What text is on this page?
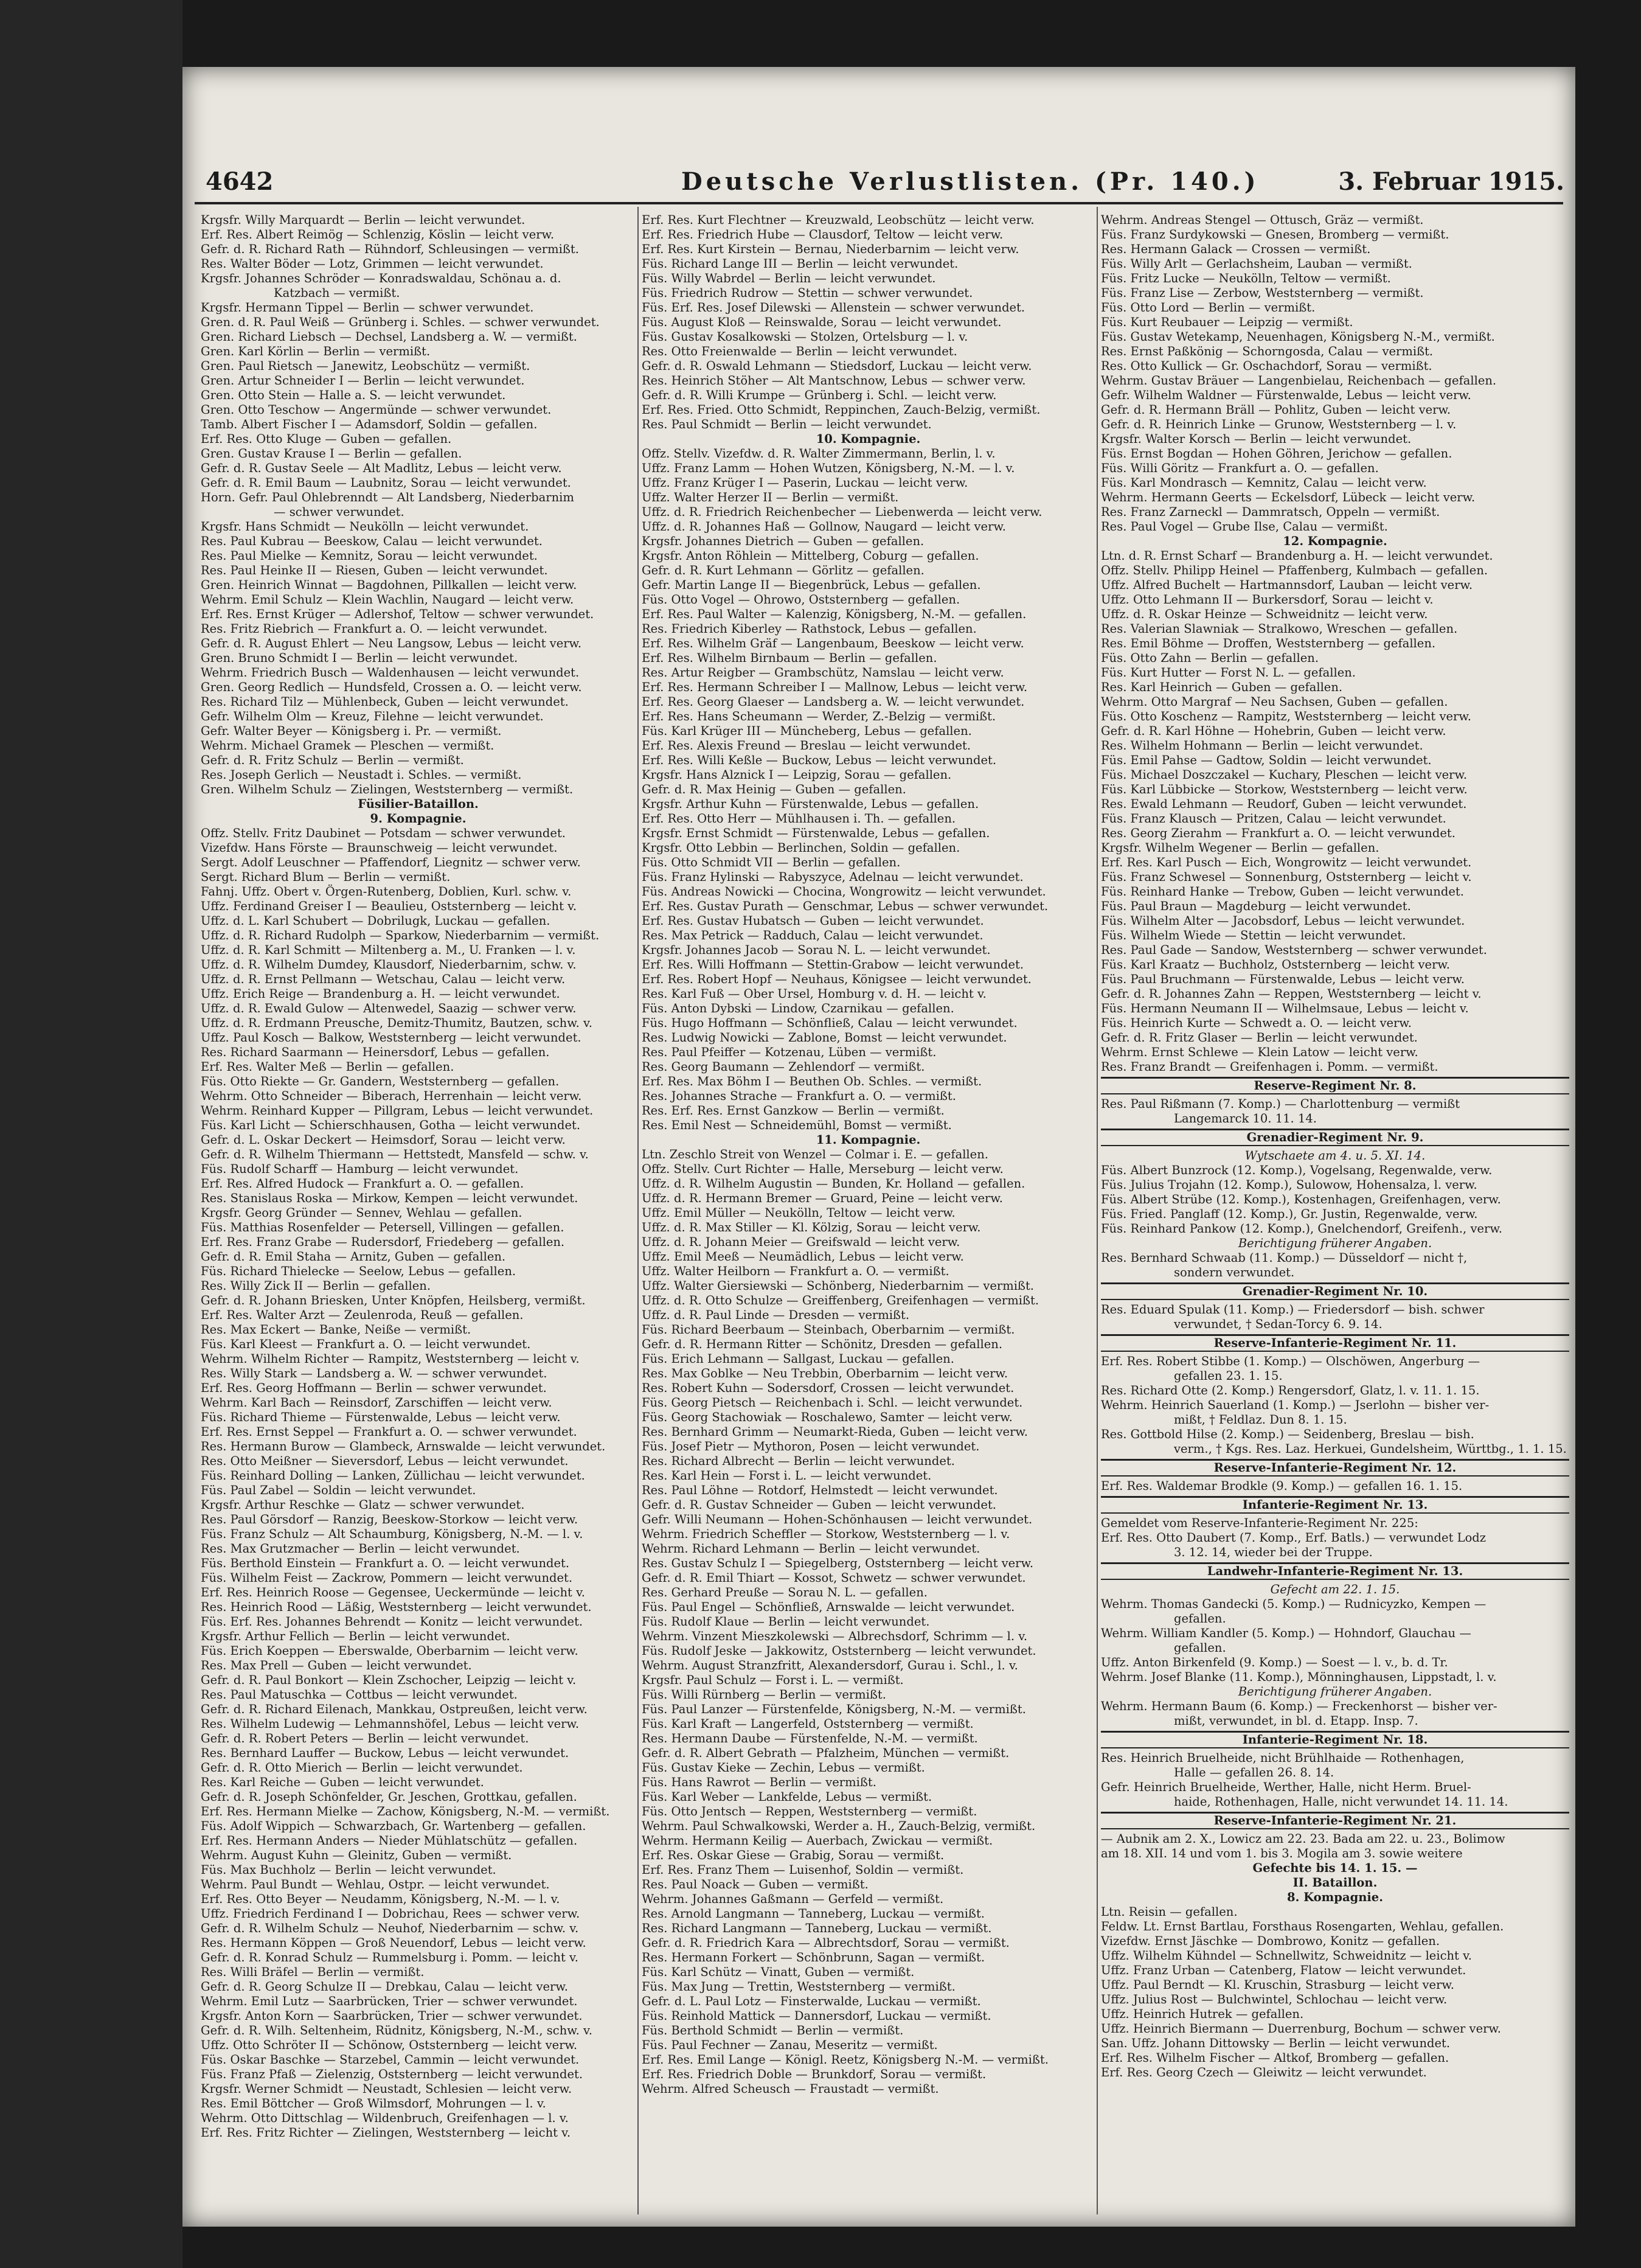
4642	Deutsche Verlustlisten. (Pr. 140.)	3. Februar 1915.
Krgsfr. Willy Marquardt — Berlin — leicht verwundet.
Erf. Res. Albert Reimög — Schlenzig, Köslin — leicht verw.
Gefr. d. R. Richard Rath — Rühndorf, Schleusingen — vermißt.
Res. Walter Böder — Lotz, Grimmen — leicht verwundet.
Krgsfr. Johannes Schröder — Konradswaldau, Schönau a. d.
Katzbach — vermißt.
Krgsfr. Hermann Tippel — Berlin — schwer verwundet.
Gren. d. R. Paul Weiß — Grünberg i. Schles. — schwer verwundet.
Gren. Richard Liebsch — Dechsel, Landsberg a. W. — vermißt.
Gren. Karl Körlin — Berlin — vermißt.
Gren. Paul Rietsch — Janewitz, Leobschütz — vermißt.
Gren. Artur Schneider I — Berlin — leicht verwundet.
Gren. Otto Stein — Halle a. S. — leicht verwundet.
Gren. Otto Teschow — Angermünde — schwer verwundet.
Tamb. Albert Fischer I — Adamsdorf, Soldin — gefallen.
Erf. Res. Otto Kluge — Guben — gefallen.
Gren. Gustav Krause I — Berlin — gefallen.
Gefr. d. R. Gustav Seele — Alt Madlitz, Lebus — leicht verw.
Gefr. d. R. Emil Baum — Laubnitz, Sorau — leicht verwundet.
Horn. Gefr. Paul Ohlebrenndt — Alt Landsberg, Niederbarnim
— schwer verwundet.
Krgsfr. Hans Schmidt — Neukölln — leicht verwundet.
Res. Paul Kubrau — Beeskow, Calau — leicht verwundet.
Res. Paul Mielke — Kemnitz, Sorau — leicht verwundet.
Res. Paul Heinke II — Riesen, Guben — leicht verwundet.
Gren. Heinrich Winnat — Bagdohnen, Pillkallen — leicht verw.
Wehrm. Emil Schulz — Klein Wachlin, Naugard — leicht verw.
Erf. Res. Ernst Krüger — Adlershof, Teltow — schwer verwundet.
Res. Fritz Riebrich — Frankfurt a. O. — leicht verwundet.
Gefr. d. R. August Ehlert — Neu Langsow, Lebus — leicht verw.
Gren. Bruno Schmidt I — Berlin — leicht verwundet.
Wehrm. Friedrich Busch — Waldenhausen — leicht verwundet.
Gren. Georg Redlich — Hundsfeld, Crossen a. O. — leicht verw.
Res. Richard Tilz — Mühlenbeck, Guben — leicht verwundet.
Gefr. Wilhelm Olm — Kreuz, Filehne — leicht verwundet.
Gefr. Walter Beyer — Königsberg i. Pr. — vermißt.
Wehrm. Michael Gramek — Pleschen — vermißt.
Gefr. d. R. Fritz Schulz — Berlin — vermißt.
Res. Joseph Gerlich — Neustadt i. Schles. — vermißt.
Gren. Wilhelm Schulz — Zielingen, Weststernberg — vermißt.
Füsilier-Bataillon.
9. Kompagnie.
Offz. Stellv. Fritz Daubinet — Potsdam — schwer verwundet.
Vizefdw. Hans Förste — Braunschweig — leicht verwundet.
Sergt. Adolf Leuschner — Pfaffendorf, Liegnitz — schwer verw.
Sergt. Richard Blum — Berlin — vermißt.
Fahnj. Uffz. Obert v. Örgen-Rutenberg, Doblien, Kurl. schw. v.
Uffz. Ferdinand Greiser I — Beaulieu, Oststernberg — leicht v.
Uffz. d. L. Karl Schubert — Dobrilugk, Luckau — gefallen.
Uffz. d. R. Richard Rudolph — Sparkow, Niederbarnim — vermißt.
Uffz. d. R. Karl Schmitt — Miltenberg a. M., U. Franken — l. v.
Uffz. d. R. Wilhelm Dumdey, Klausdorf, Niederbarnim, schw. v.
Uffz. d. R. Ernst Pellmann — Wetschau, Calau — leicht verw.
Uffz. Erich Reige — Brandenburg a. H. — leicht verwundet.
Uffz. d. R. Ewald Gulow — Altenwedel, Saazig — schwer verw.
Uffz. d. R. Erdmann Preusche, Demitz-Thumitz, Bautzen, schw. v.
Uffz. Paul Kosch — Balkow, Weststernberg — leicht verwundet.
Res. Richard Saarmann — Heinersdorf, Lebus — gefallen.
Erf. Res. Walter Meß — Berlin — gefallen.
Füs. Otto Riekte — Gr. Gandern, Weststernberg — gefallen.
Wehrm. Otto Schneider — Biberach, Herrenhain — leicht verw.
Wehrm. Reinhard Kupper — Pillgram, Lebus — leicht verwundet.
Füs. Karl Licht — Schierschhausen, Gotha — leicht verwundet.
Gefr. d. L. Oskar Deckert — Heimsdorf, Sorau — leicht verw.
Gefr. d. R. Wilhelm Thiermann — Hettstedt, Mansfeld — schw. v.
Füs. Rudolf Scharff — Hamburg — leicht verwundet.
Erf. Res. Alfred Hudock — Frankfurt a. O. — gefallen.
Res. Stanislaus Roska — Mirkow, Kempen — leicht verwundet.
Krgsfr. Georg Gründer — Sennev, Wehlau — gefallen.
Füs. Matthias Rosenfelder — Petersell, Villingen — gefallen.
Erf. Res. Franz Grabe — Rudersdorf, Friedeberg — gefallen.
Gefr. d. R. Emil Staha — Arnitz, Guben — gefallen.
Füs. Richard Thielecke — Seelow, Lebus — gefallen.
Res. Willy Zick II — Berlin — gefallen.
Gefr. d. R. Johann Briesken, Unter Knöpfen, Heilsberg, vermißt.
Erf. Res. Walter Arzt — Zeulenroda, Reuß — gefallen.
Res. Max Eckert — Banke, Neiße — vermißt.
Füs. Karl Kleest — Frankfurt a. O. — leicht verwundet.
Wehrm. Wilhelm Richter — Rampitz, Weststernberg — leicht v.
Res. Willy Stark — Landsberg a. W. — schwer verwundet.
Erf. Res. Georg Hoffmann — Berlin — schwer verwundet.
Wehrm. Karl Bach — Reinsdorf, Zarschiffen — leicht verw.
Füs. Richard Thieme — Fürstenwalde, Lebus — leicht verw.
Erf. Res. Ernst Seppel — Frankfurt a. O. — schwer verwundet.
Res. Hermann Burow — Glambeck, Arnswalde — leicht verwundet.
Res. Otto Meißner — Sieversdorf, Lebus — leicht verwundet.
Füs. Reinhard Dolling — Lanken, Züllichau — leicht verwundet.
Füs. Paul Zabel — Soldin — leicht verwundet.
Krgsfr. Arthur Reschke — Glatz — schwer verwundet.
Res. Paul Görsdorf — Ranzig, Beeskow-Storkow — leicht verw.
Füs. Franz Schulz — Alt Schaumburg, Königsberg, N.-M. — l. v.
Res. Max Grutzmacher — Berlin — leicht verwundet.
Füs. Berthold Einstein — Frankfurt a. O. — leicht verwundet.
Füs. Wilhelm Feist — Zackrow, Pommern — leicht verwundet.
Erf. Res. Heinrich Roose — Gegensee, Ueckermünde — leicht v.
Res. Heinrich Rood — Läßig, Weststernberg — leicht verwundet.
Füs. Erf. Res. Johannes Behrendt — Konitz — leicht verwundet.
Krgsfr. Arthur Fellich — Berlin — leicht verwundet.
Füs. Erich Koeppen — Eberswalde, Oberbarnim — leicht verw.
Res. Max Prell — Guben — leicht verwundet.
Gefr. d. R. Paul Bonkort — Klein Zschocher, Leipzig — leicht v.
Res. Paul Matuschka — Cottbus — leicht verwundet.
Gefr. d. R. Richard Eilenach, Mankkau, Ostpreußen, leicht verw.
Res. Wilhelm Ludewig — Lehmannshöfel, Lebus — leicht verw.
Gefr. d. R. Robert Peters — Berlin — leicht verwundet.
Res. Bernhard Lauffer — Buckow, Lebus — leicht verwundet.
Gefr. d. R. Otto Mierich — Berlin — leicht verwundet.
Res. Karl Reiche — Guben — leicht verwundet.
Gefr. d. R. Joseph Schönfelder, Gr. Jeschen, Grottkau, gefallen.
Erf. Res. Hermann Mielke — Zachow, Königsberg, N.-M. — vermißt.
Füs. Adolf Wippich — Schwarzbach, Gr. Wartenberg — gefallen.
Erf. Res. Hermann Anders — Nieder Mühlatschütz — gefallen.
Wehrm. August Kuhn — Gleinitz, Guben — vermißt.
Füs. Max Buchholz — Berlin — leicht verwundet.
Wehrm. Paul Bundt — Wehlau, Ostpr. — leicht verwundet.
Erf. Res. Otto Beyer — Neudamm, Königsberg, N.-M. — l. v.
Uffz. Friedrich Ferdinand I — Dobrichau, Rees — schwer verw.
Gefr. d. R. Wilhelm Schulz — Neuhof, Niederbarnim — schw. v.
Res. Hermann Köppen — Groß Neuendorf, Lebus — leicht verw.
Gefr. d. R. Konrad Schulz — Rummelsburg i. Pomm. — leicht v.
Res. Willi Bräfel — Berlin — vermißt.
Gefr. d. R. Georg Schulze II — Drebkau, Calau — leicht verw.
Wehrm. Emil Lutz — Saarbrücken, Trier — schwer verwundet.
Krgsfr. Anton Korn — Saarbrücken, Trier — schwer verwundet.
Gefr. d. R. Wilh. Seltenheim, Rüdnitz, Königsberg, N.-M., schw. v.
Uffz. Otto Schröter II — Schönow, Oststernberg — leicht verw.
Füs. Oskar Baschke — Starzebel, Cammin — leicht verwundet.
Füs. Franz Pfaß — Zielenzig, Oststernberg — leicht verwundet.
Krgsfr. Werner Schmidt — Neustadt, Schlesien — leicht verw.
Res. Emil Böttcher — Groß Wilmsdorf, Mohrungen — l. v.
Wehrm. Otto Dittschlag — Wildenbruch, Greifenhagen — l. v.
Erf. Res. Fritz Richter — Zielingen, Weststernberg — leicht v.
Erf. Res. Kurt Flechtner — Kreuzwald, Leobschütz — leicht verw.
Erf. Res. Friedrich Hube — Clausdorf, Teltow — leicht verw.
Erf. Res. Kurt Kirstein — Bernau, Niederbarnim — leicht verw.
Füs. Richard Lange III — Berlin — leicht verwundet.
Füs. Willy Wabrdel — Berlin — leicht verwundet.
Füs. Friedrich Rudrow — Stettin — schwer verwundet.
Füs. Erf. Res. Josef Dilewski — Allenstein — schwer verwundet.
Füs. August Kloß — Reinswalde, Sorau — leicht verwundet.
Füs. Gustav Kosalkowski — Stolzen, Ortelsburg — l. v.
Res. Otto Freienwalde — Berlin — leicht verwundet.
Gefr. d. R. Oswald Lehmann — Stiedsdorf, Luckau — leicht verw.
Res. Heinrich Stöher — Alt Mantschnow, Lebus — schwer verw.
Gefr. d. R. Willi Krumpe — Grünberg i. Schl. — leicht verw.
Erf. Res. Fried. Otto Schmidt, Reppinchen, Zauch-Belzig, vermißt.
Res. Paul Schmidt — Berlin — leicht verwundet.
10. Kompagnie.
Offz. Stellv. Vizefdw. d. R. Walter Zimmermann, Berlin, l. v.
Uffz. Franz Lamm — Hohen Wutzen, Königsberg, N.-M. — l. v.
Uffz. Franz Krüger I — Paserin, Luckau — leicht verw.
Uffz. Walter Herzer II — Berlin — vermißt.
Uffz. d. R. Friedrich Reichenbecher — Liebenwerda — leicht verw.
Uffz. d. R. Johannes Haß — Gollnow, Naugard — leicht verw.
Krgsfr. Johannes Dietrich — Guben — gefallen.
Krgsfr. Anton Röhlein — Mittelberg, Coburg — gefallen.
Gefr. d. R. Kurt Lehmann — Görlitz — gefallen.
Gefr. Martin Lange II — Biegenbrück, Lebus — gefallen.
Füs. Otto Vogel — Ohrowo, Oststernberg — gefallen.
Erf. Res. Paul Walter — Kalenzig, Königsberg, N.-M. — gefallen.
Res. Friedrich Kiberley — Rathstock, Lebus — gefallen.
Erf. Res. Wilhelm Gräf — Langenbaum, Beeskow — leicht verw.
Erf. Res. Wilhelm Birnbaum — Berlin — gefallen.
Res. Artur Reigber — Grambschütz, Namslau — leicht verw.
Erf. Res. Hermann Schreiber I — Mallnow, Lebus — leicht verw.
Erf. Res. Georg Glaeser — Landsberg a. W. — leicht verwundet.
Erf. Res. Hans Scheumann — Werder, Z.-Belzig — vermißt.
Füs. Karl Krüger III — Müncheberg, Lebus — gefallen.
Erf. Res. Alexis Freund — Breslau — leicht verwundet.
Erf. Res. Willi Keßle — Buckow, Lebus — leicht verwundet.
Krgsfr. Hans Alznick I — Leipzig, Sorau — gefallen.
Gefr. d. R. Max Heinig — Guben — gefallen.
Krgsfr. Arthur Kuhn — Fürstenwalde, Lebus — gefallen.
Erf. Res. Otto Herr — Mühlhausen i. Th. — gefallen.
Krgsfr. Ernst Schmidt — Fürstenwalde, Lebus — gefallen.
Krgsfr. Otto Lebbin — Berlinchen, Soldin — gefallen.
Füs. Otto Schmidt VII — Berlin — gefallen.
Füs. Franz Hylinski — Rabyszyce, Adelnau — leicht verwundet.
Füs. Andreas Nowicki — Chocina, Wongrowitz — leicht verwundet.
Erf. Res. Gustav Purath — Genschmar, Lebus — schwer verwundet.
Erf. Res. Gustav Hubatsch — Guben — leicht verwundet.
Res. Max Petrick — Radduch, Calau — leicht verwundet.
Krgsfr. Johannes Jacob — Sorau N. L. — leicht verwundet.
Erf. Res. Willi Hoffmann — Stettin-Grabow — leicht verwundet.
Erf. Res. Robert Hopf — Neuhaus, Königsee — leicht verwundet.
Res. Karl Fuß — Ober Ursel, Homburg v. d. H. — leicht v.
Füs. Anton Dybski — Lindow, Czarnikau — gefallen.
Füs. Hugo Hoffmann — Schönfließ, Calau — leicht verwundet.
Res. Ludwig Nowicki — Zablone, Bomst — leicht verwundet.
Res. Paul Pfeiffer — Kotzenau, Lüben — vermißt.
Res. Georg Baumann — Zehlendorf — vermißt.
Erf. Res. Max Böhm I — Beuthen Ob. Schles. — vermißt.
Res. Johannes Strache — Frankfurt a. O. — vermißt.
Res. Erf. Res. Ernst Ganzkow — Berlin — vermißt.
Res. Emil Nest — Schneidemühl, Bomst — vermißt.
11. Kompagnie.
Ltn. Zeschlo Streit von Wenzel — Colmar i. E. — gefallen.
Offz. Stellv. Curt Richter — Halle, Merseburg — leicht verw.
Uffz. d. R. Wilhelm Augustin — Bunden, Kr. Holland — gefallen.
Uffz. d. R. Hermann Bremer — Gruard, Peine — leicht verw.
Uffz. Emil Müller — Neukölln, Teltow — leicht verw.
Uffz. d. R. Max Stiller — Kl. Kölzig, Sorau — leicht verw.
Uffz. d. R. Johann Meier — Greifswald — leicht verw.
Uffz. Emil Meeß — Neumädlich, Lebus — leicht verw.
Uffz. Walter Heilborn — Frankfurt a. O. — vermißt.
Uffz. Walter Giersiewski — Schönberg, Niederbarnim — vermißt.
Uffz. d. R. Otto Schulze — Greiffenberg, Greifenhagen — vermißt.
Uffz. d. R. Paul Linde — Dresden — vermißt.
Füs. Richard Beerbaum — Steinbach, Oberbarnim — vermißt.
Gefr. d. R. Hermann Ritter — Schönitz, Dresden — gefallen.
Füs. Erich Lehmann — Sallgast, Luckau — gefallen.
Res. Max Goblke — Neu Trebbin, Oberbarnim — leicht verw.
Res. Robert Kuhn — Sodersdorf, Crossen — leicht verwundet.
Füs. Georg Pietsch — Reichenbach i. Schl. — leicht verwundet.
Füs. Georg Stachowiak — Roschalewo, Samter — leicht verw.
Res. Bernhard Grimm — Neumarkt-Rieda, Guben — leicht verw.
Füs. Josef Pietr — Mythoron, Posen — leicht verwundet.
Res. Richard Albrecht — Berlin — leicht verwundet.
Res. Karl Hein — Forst i. L. — leicht verwundet.
Res. Paul Löhne — Rotdorf, Helmstedt — leicht verwundet.
Gefr. d. R. Gustav Schneider — Guben — leicht verwundet.
Gefr. Willi Neumann — Hohen-Schönhausen — leicht verwundet.
Wehrm. Friedrich Scheffler — Storkow, Weststernberg — l. v.
Wehrm. Richard Lehmann — Berlin — leicht verwundet.
Res. Gustav Schulz I — Spiegelberg, Oststernberg — leicht verw.
Gefr. d. R. Emil Thiart — Kossot, Schwetz — schwer verwundet.
Res. Gerhard Preuße — Sorau N. L. — gefallen.
Füs. Paul Engel — Schönfließ, Arnswalde — leicht verwundet.
Füs. Rudolf Klaue — Berlin — leicht verwundet.
Wehrm. Vinzent Mieszkolewski — Albrechsdorf, Schrimm — l. v.
Füs. Rudolf Jeske — Jakkowitz, Oststernberg — leicht verwundet.
Wehrm. August Stranzfritt, Alexandersdorf, Gurau i. Schl., l. v.
Krgsfr. Paul Schulz — Forst i. L. — vermißt.
Füs. Willi Rürnberg — Berlin — vermißt.
Füs. Paul Lanzer — Fürstenfelde, Königsberg, N.-M. — vermißt.
Füs. Karl Kraft — Langerfeld, Oststernberg — vermißt.
Res. Hermann Daube — Fürstenfelde, N.-M. — vermißt.
Gefr. d. R. Albert Gebrath — Pfalzheim, München — vermißt.
Füs. Gustav Kieke — Zechin, Lebus — vermißt.
Füs. Hans Rawrot — Berlin — vermißt.
Füs. Karl Weber — Lankfelde, Lebus — vermißt.
Füs. Otto Jentsch — Reppen, Weststernberg — vermißt.
Wehrm. Paul Schwalkowski, Werder a. H., Zauch-Belzig, vermißt.
Wehrm. Hermann Keilig — Auerbach, Zwickau — vermißt.
Erf. Res. Oskar Giese — Grabig, Sorau — vermißt.
Erf. Res. Franz Them — Luisenhof, Soldin — vermißt.
Res. Paul Noack — Guben — vermißt.
Wehrm. Johannes Gaßmann — Gerfeld — vermißt.
Res. Arnold Langmann — Tanneberg, Luckau — vermißt.
Res. Richard Langmann — Tanneberg, Luckau — vermißt.
Gefr. d. R. Friedrich Kara — Albrechtsdorf, Sorau — vermißt.
Res. Hermann Forkert — Schönbrunn, Sagan — vermißt.
Füs. Karl Schütz — Vinatt, Guben — vermißt.
Füs. Max Jung — Trettin, Weststernberg — vermißt.
Gefr. d. L. Paul Lotz — Finsterwalde, Luckau — vermißt.
Füs. Reinhold Mattick — Dannersdorf, Luckau — vermißt.
Füs. Berthold Schmidt — Berlin — vermißt.
Füs. Paul Fechner — Zanau, Meseritz — vermißt.
Erf. Res. Emil Lange — Königl. Reetz, Königsberg N.-M. — vermißt.
Erf. Res. Friedrich Doble — Brunkdorf, Sorau — vermißt.
Wehrm. Alfred Scheusch — Fraustadt — vermißt.
Wehrm. Andreas Stengel — Ottusch, Gräz — vermißt.
Füs. Franz Surdykowski — Gnesen, Bromberg — vermißt.
Res. Hermann Galack — Crossen — vermißt.
Füs. Willy Arlt — Gerlachsheim, Lauban — vermißt.
Füs. Fritz Lucke — Neukölln, Teltow — vermißt.
Füs. Franz Lise — Zerbow, Weststernberg — vermißt.
Füs. Otto Lord — Berlin — vermißt.
Füs. Kurt Reubauer — Leipzig — vermißt.
Füs. Gustav Wetekamp, Neuenhagen, Königsberg N.-M., vermißt.
Res. Ernst Paßkönig — Schorngosda, Calau — vermißt.
Res. Otto Kullick — Gr. Oschachdorf, Sorau — vermißt.
Wehrm. Gustav Bräuer — Langenbielau, Reichenbach — gefallen.
Gefr. Wilhelm Waldner — Fürstenwalde, Lebus — leicht verw.
Gefr. d. R. Hermann Bräll — Pohlitz, Guben — leicht verw.
Gefr. d. R. Heinrich Linke — Grunow, Weststernberg — l. v.
Krgsfr. Walter Korsch — Berlin — leicht verwundet.
Füs. Ernst Bogdan — Hohen Göhren, Jerichow — gefallen.
Füs. Willi Göritz — Frankfurt a. O. — gefallen.
Füs. Karl Mondrasch — Kemnitz, Calau — leicht verw.
Wehrm. Hermann Geerts — Eckelsdorf, Lübeck — leicht verw.
Res. Franz Zarneckl — Dammratsch, Oppeln — vermißt.
Res. Paul Vogel — Grube Ilse, Calau — vermißt.
12. Kompagnie.
Ltn. d. R. Ernst Scharf — Brandenburg a. H. — leicht verwundet.
Offz. Stellv. Philipp Heinel — Pfaffenberg, Kulmbach — gefallen.
Uffz. Alfred Buchelt — Hartmannsdorf, Lauban — leicht verw.
Uffz. Otto Lehmann II — Burkersdorf, Sorau — leicht v.
Uffz. d. R. Oskar Heinze — Schweidnitz — leicht verw.
Res. Valerian Slawniak — Stralkowo, Wreschen — gefallen.
Res. Emil Böhme — Droffen, Weststernberg — gefallen.
Füs. Otto Zahn — Berlin — gefallen.
Füs. Kurt Hutter — Forst N. L. — gefallen.
Res. Karl Heinrich — Guben — gefallen.
Wehrm. Otto Margraf — Neu Sachsen, Guben — gefallen.
Füs. Otto Koschenz — Rampitz, Weststernberg — leicht verw.
Gefr. d. R. Karl Höhne — Hohebrin, Guben — leicht verw.
Res. Wilhelm Hohmann — Berlin — leicht verwundet.
Füs. Emil Pahse — Gadtow, Soldin — leicht verwundet.
Füs. Michael Doszczakel — Kuchary, Pleschen — leicht verw.
Füs. Karl Lübbicke — Storkow, Weststernberg — leicht verw.
Res. Ewald Lehmann — Reudorf, Guben — leicht verwundet.
Füs. Franz Klausch — Pritzen, Calau — leicht verwundet.
Res. Georg Zierahm — Frankfurt a. O. — leicht verwundet.
Krgsfr. Wilhelm Wegener — Berlin — gefallen.
Erf. Res. Karl Pusch — Eich, Wongrowitz — leicht verwundet.
Füs. Franz Schwesel — Sonnenburg, Oststernberg — leicht v.
Füs. Reinhard Hanke — Trebow, Guben — leicht verwundet.
Füs. Paul Braun — Magdeburg — leicht verwundet.
Füs. Wilhelm Alter — Jacobsdorf, Lebus — leicht verwundet.
Füs. Wilhelm Wiede — Stettin — leicht verwundet.
Res. Paul Gade — Sandow, Weststernberg — schwer verwundet.
Füs. Karl Kraatz — Buchholz, Oststernberg — leicht verw.
Füs. Paul Bruchmann — Fürstenwalde, Lebus — leicht verw.
Gefr. d. R. Johannes Zahn — Reppen, Weststernberg — leicht v.
Füs. Hermann Neumann II — Wilhelmsaue, Lebus — leicht v.
Füs. Heinrich Kurte — Schwedt a. O. — leicht verw.
Gefr. d. R. Fritz Glaser — Berlin — leicht verwundet.
Wehrm. Ernst Schlewe — Klein Latow — leicht verw.
Res. Franz Brandt — Greifenhagen i. Pomm. — vermißt.
Reserve-Regiment Nr. 8.
Res. Paul Rißmann (7. Komp.) — Charlottenburg — vermißt
Langemarck 10. 11. 14.
Grenadier-Regiment Nr. 9.
Wytschaete am 4. u. 5. XI. 14.
Füs. Albert Bunzrock (12. Komp.), Vogelsang, Regenwalde, verw.
Füs. Julius Trojahn (12. Komp.), Sulowow, Hohensalza, l. verw.
Füs. Albert Strübe (12. Komp.), Kostenhagen, Greifenhagen, verw.
Füs. Fried. Panglaff (12. Komp.), Gr. Justin, Regenwalde, verw.
Füs. Reinhard Pankow (12. Komp.), Gnelchendorf, Greifenh., verw.
Berichtigung früherer Angaben.
Res. Bernhard Schwaab (11. Komp.) — Düsseldorf — nicht †,
sondern verwundet.
Grenadier-Regiment Nr. 10.
Res. Eduard Spulak (11. Komp.) — Friedersdorf — bish. schwer
verwundet, † Sedan-Torcy 6. 9. 14.
Reserve-Infanterie-Regiment Nr. 11.
Erf. Res. Robert Stibbe (1. Komp.) — Olschöwen, Angerburg —
gefallen 23. 1. 15.
Res. Richard Otte (2. Komp.) Rengersdorf, Glatz, l. v. 11. 1. 15.
Wehrm. Heinrich Sauerland (1. Komp.) — Jserlohn — bisher ver-
mißt, † Feldlaz. Dun 8. 1. 15.
Res. Gottbold Hilse (2. Komp.) — Seidenberg, Breslau — bish.
verm., † Kgs. Res. Laz. Herkuei, Gundelsheim, Württbg., 1. 1. 15.
Reserve-Infanterie-Regiment Nr. 12.
Erf. Res. Waldemar Brodkle (9. Komp.) — gefallen 16. 1. 15.
Infanterie-Regiment Nr. 13.
Gemeldet vom Reserve-Infanterie-Regiment Nr. 225:
Erf. Res. Otto Daubert (7. Komp., Erf. Batls.) — verwundet Lodz
3. 12. 14, wieder bei der Truppe.
Landwehr-Infanterie-Regiment Nr. 13.
Gefecht am 22. 1. 15.
Wehrm. Thomas Gandecki (5. Komp.) — Rudnicyzko, Kempen —
gefallen.
Wehrm. William Kandler (5. Komp.) — Hohndorf, Glauchau —
gefallen.
Uffz. Anton Birkenfeld (9. Komp.) — Soest — l. v., b. d. Tr.
Wehrm. Josef Blanke (11. Komp.), Mönninghausen, Lippstadt, l. v.
Berichtigung früherer Angaben.
Wehrm. Hermann Baum (6. Komp.) — Freckenhorst — bisher ver-
mißt, verwundet, in bl. d. Etapp. Insp. 7.
Infanterie-Regiment Nr. 18.
Res. Heinrich Bruelheide, nicht Brühlhaide — Rothenhagen,
Halle — gefallen 26. 8. 14.
Gefr. Heinrich Bruelheide, Werther, Halle, nicht Herm. Bruel-
haide, Rothenhagen, Halle, nicht verwundet 14. 11. 14.
Reserve-Infanterie-Regiment Nr. 21.
— Aubnik am 2. X., Lowicz am 22. 23. Bada am 22. u. 23., Bolimow
am 18. XII. 14 und vom 1. bis 3. Mogila am 3. sowie weitere
Gefechte bis 14. 1. 15. —
II. Bataillon.
8. Kompagnie.
Ltn. Reisin — gefallen.
Feldw. Lt. Ernst Bartlau, Forsthaus Rosengarten, Wehlau, gefallen.
Vizefdw. Ernst Jäschke — Dombrowo, Konitz — gefallen.
Uffz. Wilhelm Kühndel — Schnellwitz, Schweidnitz — leicht v.
Uffz. Franz Urban — Catenberg, Flatow — leicht verwundet.
Uffz. Paul Berndt — Kl. Kruschin, Strasburg — leicht verw.
Uffz. Julius Rost — Bulchwintel, Schlochau — leicht verw.
Uffz. Heinrich Hutrek — gefallen.
Uffz. Heinrich Biermann — Duerrenburg, Bochum — schwer verw.
San. Uffz. Johann Dittowsky — Berlin — leicht verwundet.
Erf. Res. Wilhelm Fischer — Altkof, Bromberg — gefallen.
Erf. Res. Georg Czech — Gleiwitz — leicht verwundet.
